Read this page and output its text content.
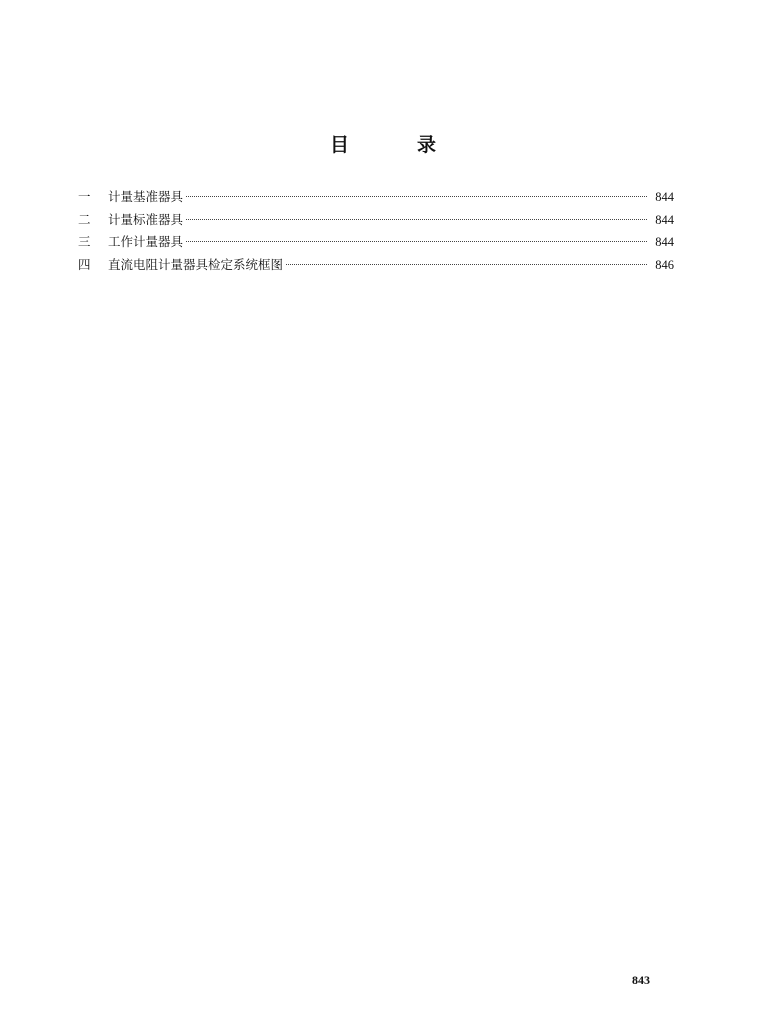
目	录
一	计量基准器具	844
二	计量标准器具	844
三	工作计量器具	844
四	直流电阻计量器具检定系统框图	846
843
